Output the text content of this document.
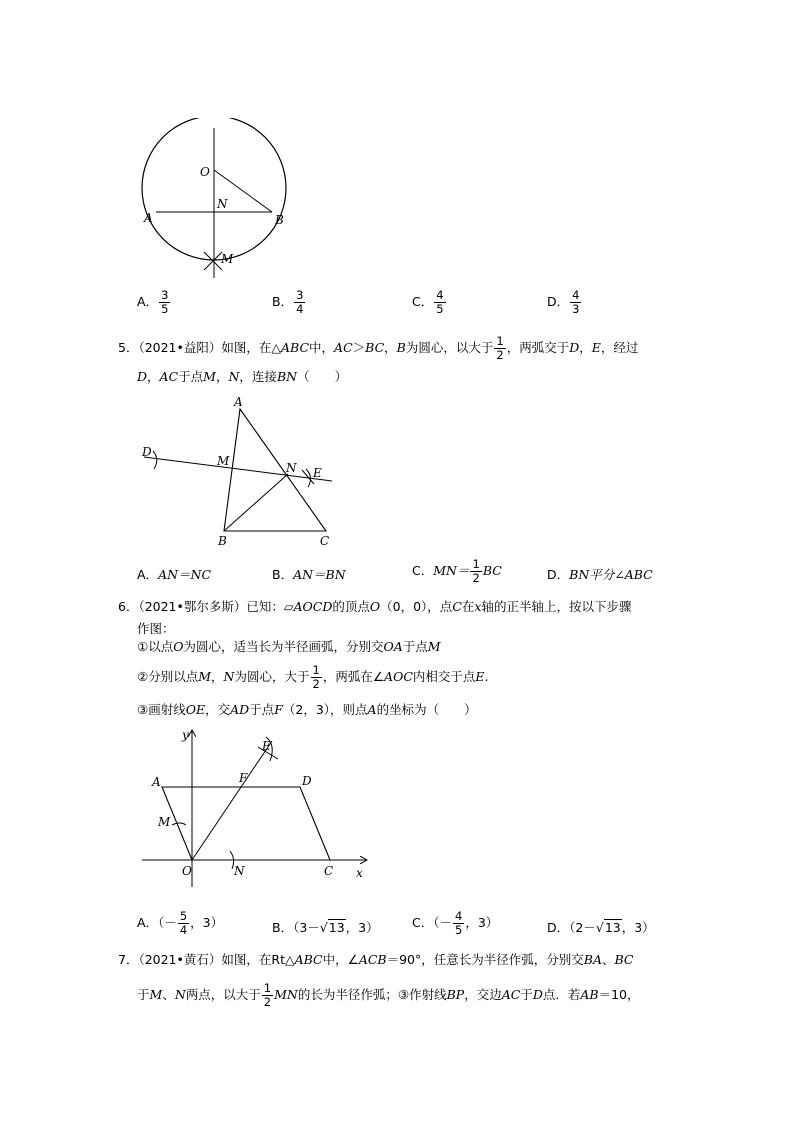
O
N
A	B
M
A． $\frac{3}{5}$	B． $\frac{3}{4}$	C． $\frac{4}{5}$	D． $\frac{4}{3}$
5．（2021•益阳）如图，在△ABC中，AC＞BC，B为圆心，以大于 $\frac{1}{2}$ ，两弧交于D，E，经过
D，AC于点M，N，连接BN（　　）
A
D
M	N E
B	C
A．AN＝NC	B．AN＝BN	C．$MN= \frac{1}{2}$ BC	D．BN平分∠ABC
6．（2021•鄂尔多斯）已知：▱AOCD的顶点O（0，0），点C在x轴的正半轴上，按以下步骤
作图：
①以点O为圆心，适当长为半径画弧，分别交OA于点M
②分别以点M，N为圆心，大于 $\frac{1}{2}$ ，两弧在∠AOC内相交于点E.
③画射线OE，交AD于点F（2，3），则点A的坐标为（　　）
y
E
A	F	D
M
O	N	C x
A．（－ $\frac{5}{4}$ ，3）	B．（3－√13，3）	C．（－ $\frac{4}{5}$ ，3）	D．（2－√13，3）
7．（2021•黄石）如图，在Rt△ABC中，∠ACB＝90°，任意长为半径作弧，分别交BA、BC
于M、N两点，以大于 $\frac{1}{2}$ MN的长为半径作弧；③作射线BP，交边AC于D点．若AB＝10，
